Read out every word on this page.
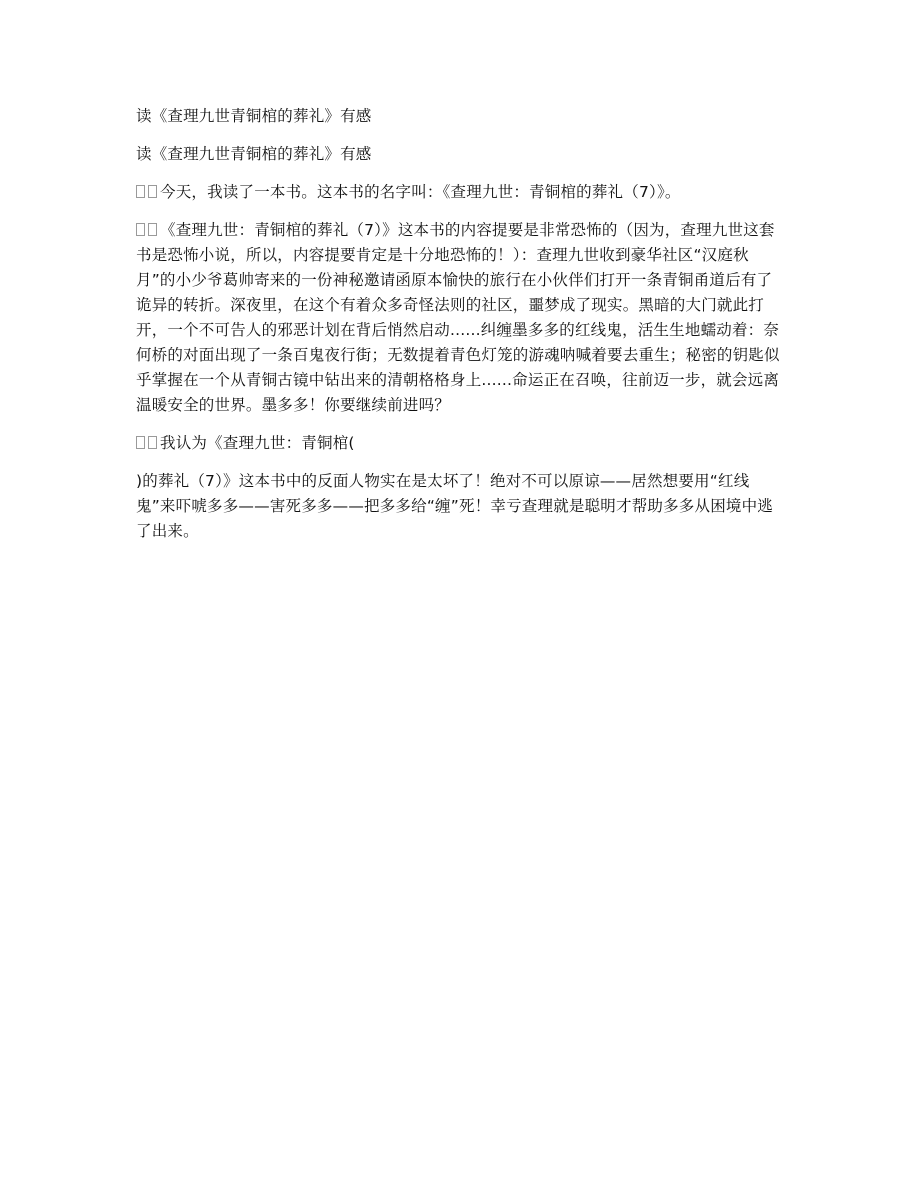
读《查理九世青铜棺的葬礼》有感

读《查理九世青铜棺的葬礼》有感

今天，我读了一本书。这本书的名字叫：《查理九世：青铜棺的葬礼（7）》。

《查理九世：青铜棺的葬礼（7）》这本书的内容提要是非常恐怖的（因为，查理九世这套书是恐怖小说，所以，内容提要肯定是十分地恐怖的！）：查理九世收到豪华社区“汉庭秋月”的小少爷葛帅寄来的一份神秘邀请函原本愉快的旅行在小伙伴们打开一条青铜甬道后有了诡异的转折。深夜里，在这个有着众多奇怪法则的社区，噩梦成了现实。黑暗的大门就此打开，一个不可告人的邪恶计划在背后悄然启动......纠缠墨多多的红线鬼，活生生地蠕动着：奈何桥的对面出现了一条百鬼夜行街；无数提着青色灯笼的游魂呐喊着要去重生；秘密的钥匙似乎掌握在一个从青铜古镜中钻出来的清朝格格身上......命运正在召唤，往前迈一步，就会远离温暖安全的世界。墨多多！你要继续前进吗？

我认为《查理九世：青铜棺(

)的葬礼（7）》这本书中的反面人物实在是太坏了！绝对不可以原谅——居然想要用“红线鬼”来吓唬多多——害死多多——把多多给“缠”死！幸亏查理就是聪明才帮助多多从困境中逃了出来。
